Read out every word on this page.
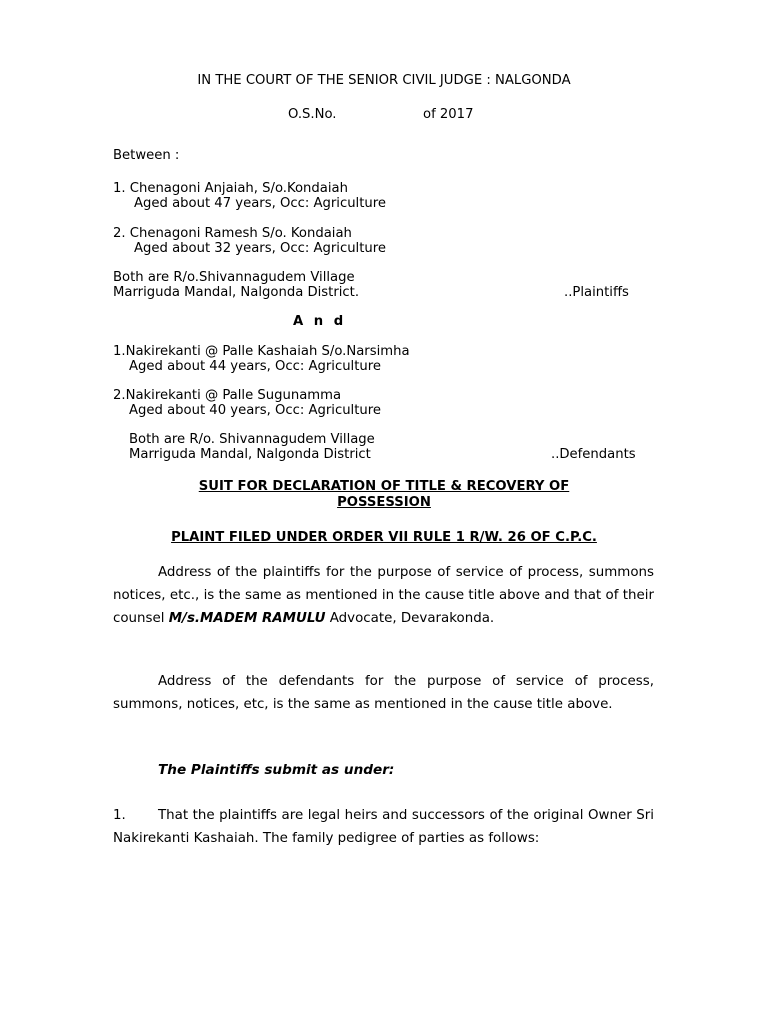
IN THE COURT OF THE SENIOR CIVIL JUDGE : NALGONDA
O.S.No.	of 2017
Between :
1. Chenagoni Anjaiah, S/o.Kondaiah
Aged about 47 years, Occ: Agriculture
2. Chenagoni Ramesh S/o. Kondaiah
Aged about 32 years, Occ: Agriculture
Both are R/o.Shivannagudem Village
Marriguda Mandal, Nalgonda District.	..Plaintiffs
A n d
1.Nakirekanti @ Palle Kashaiah S/o.Narsimha
Aged about 44 years, Occ: Agriculture
2.Nakirekanti @ Palle Sugunamma
Aged about 40 years, Occ: Agriculture
Both are R/o. Shivannagudem Village
Marriguda Mandal, Nalgonda District	..Defendants
SUIT FOR DECLARATION OF TITLE & RECOVERY OF
POSSESSION
PLAINT FILED UNDER ORDER VII RULE 1 R/W. 26 OF C.P.C.
Address of the plaintiffs for the purpose of service of process, summons notices, etc., is the same as mentioned in the cause title above and that of their counsel M/s.MADEM RAMULU Advocate, Devarakonda.
Address of the defendants for the purpose of service of process, summons, notices, etc, is the same as mentioned in the cause title above.
The Plaintiffs submit as under:
1. That the plaintiffs are legal heirs and successors of the original Owner Sri Nakirekanti Kashaiah. The family pedigree of parties as follows:
